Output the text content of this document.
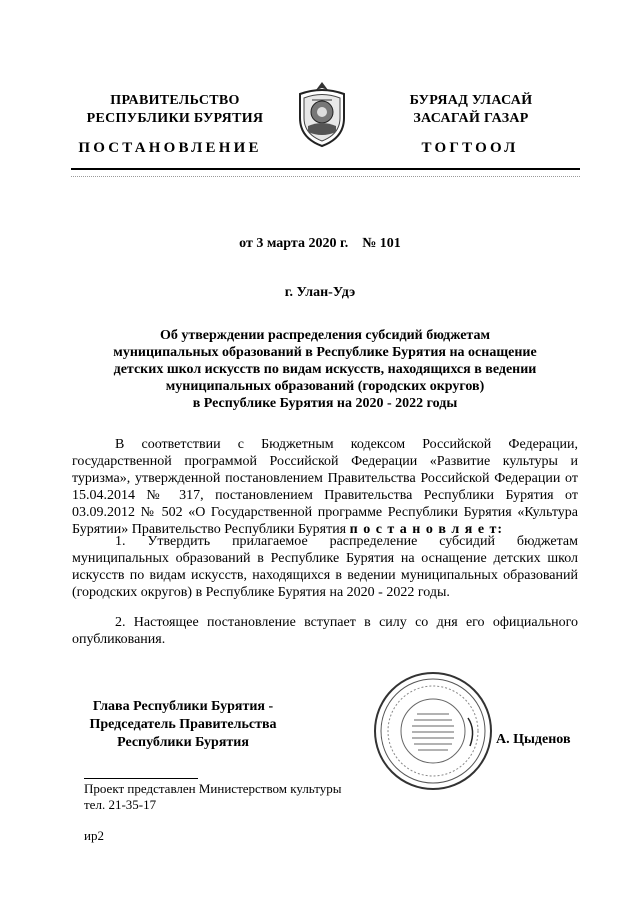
ПРАВИТЕЛЬСТВО
РЕСПУБЛИКИ БУРЯТИЯ
БУРЯАД УЛАСАЙ
ЗАСАГАЙ ГАЗАР
ПОСТАНОВЛЕНИЕ	ТОГТООЛ
от 3 марта 2020 г.    № 101
г. Улан-Удэ
Об утверждении распределения субсидий бюджетам
муниципальных образований в Республике Бурятия на оснащение
детских школ искусств по видам искусств, находящихся в ведении
муниципальных образований (городских округов)
в Республике Бурятия на 2020 - 2022 годы
В соответствии с Бюджетным кодексом Российской Федерации, государственной программой Российской Федерации «Развитие культуры и туризма», утвержденной постановлением Правительства Российской Федерации от 15.04.2014 № 317, постановлением Правительства Республики Бурятия от 03.09.2012 № 502 «О Государственной программе Республики Бурятия «Культура Бурятии» Правительство Республики Бурятия п о с т а н о в л я е т:
1. Утвердить прилагаемое распределение субсидий бюджетам муниципальных образований в Республике Бурятия на оснащение детских школ искусств по видам искусств, находящихся в ведении муниципальных образований (городских округов) в Республике Бурятия на 2020 - 2022 годы.
2. Настоящее постановление вступает в силу со дня его официального опубликования.
Глава Республики Бурятия -
Председатель Правительства
Республики Бурятия	А. Цыденов
Проект представлен Министерством культуры
тел. 21-35-17
ир2
